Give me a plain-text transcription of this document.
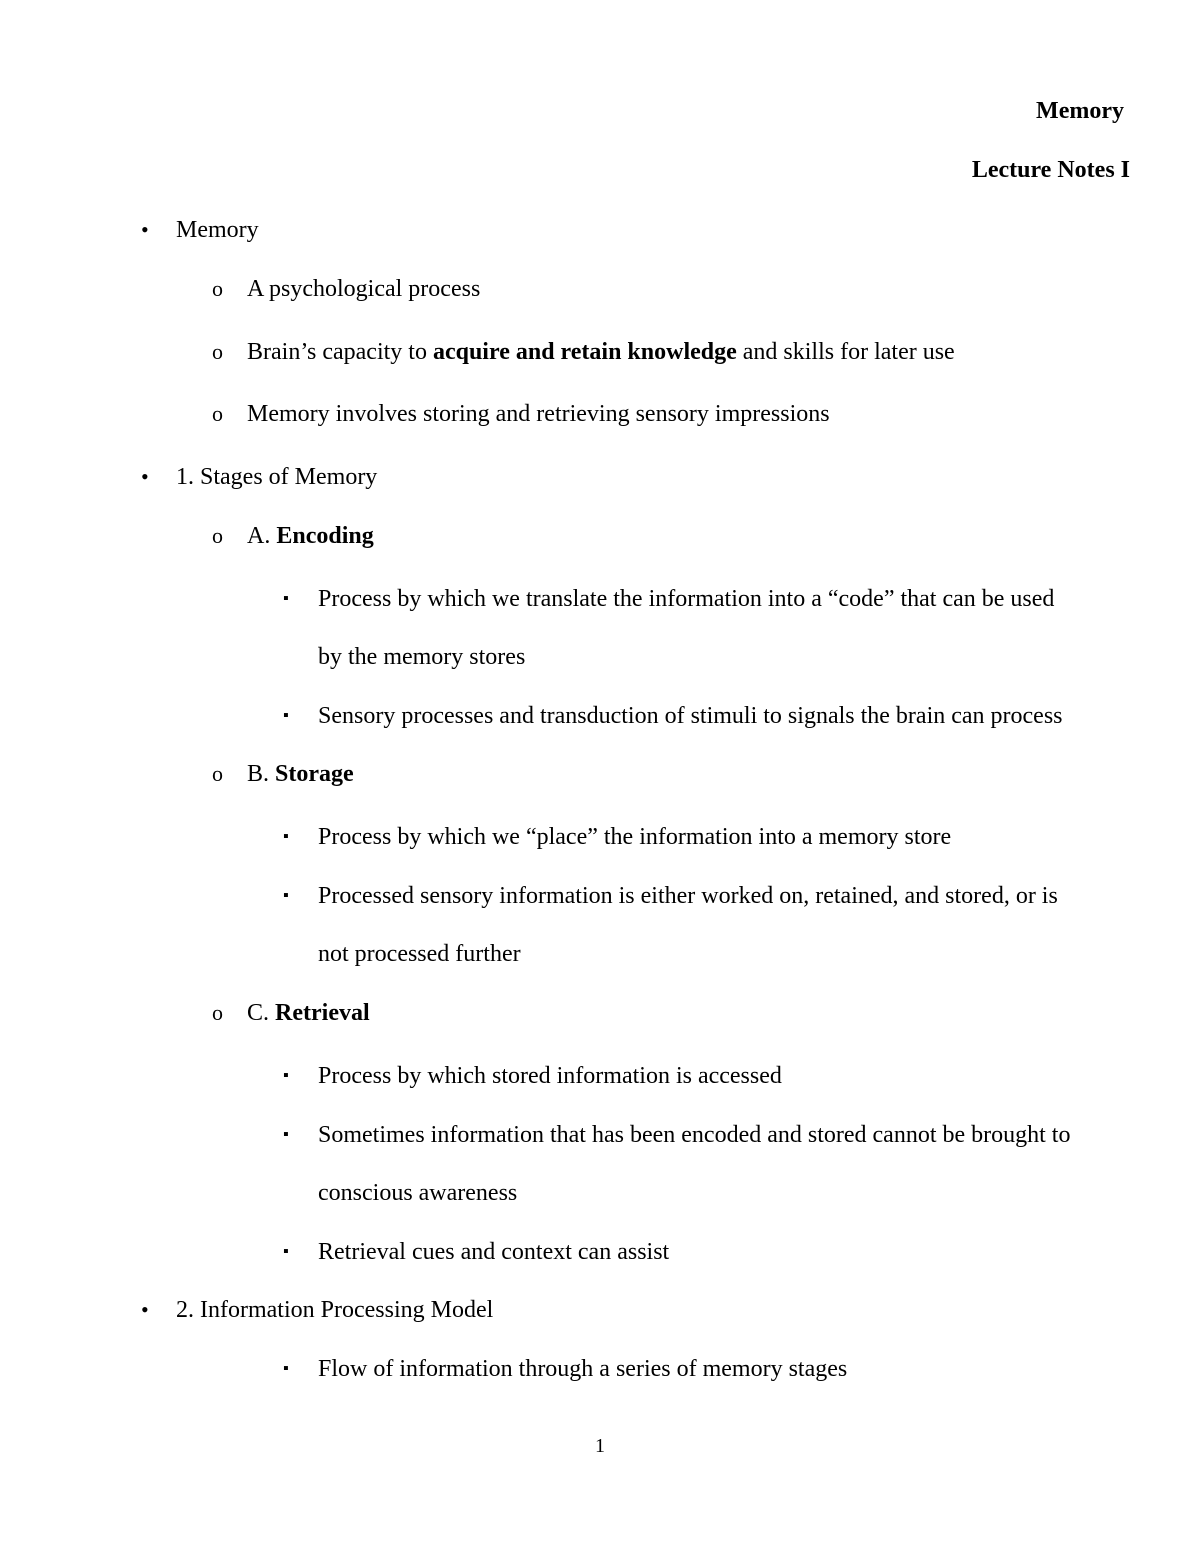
Memory
Lecture Notes I
• Memory
o A psychological process
o Brain’s capacity to acquire and retain knowledge and skills for later use
o Memory involves storing and retrieving sensory impressions
• 1. Stages of Memory
o A. Encoding
▪ Process by which we translate the information into a “code” that can be used
by the memory stores
▪ Sensory processes and transduction of stimuli to signals the brain can process
o B. Storage
▪ Process by which we “place” the information into a memory store
▪ Processed sensory information is either worked on, retained, and stored, or is
not processed further
o C. Retrieval
▪ Process by which stored information is accessed
▪ Sometimes information that has been encoded and stored cannot be brought to
conscious awareness
▪ Retrieval cues and context can assist
• 2. Information Processing Model
▪ Flow of information through a series of memory stages
1
